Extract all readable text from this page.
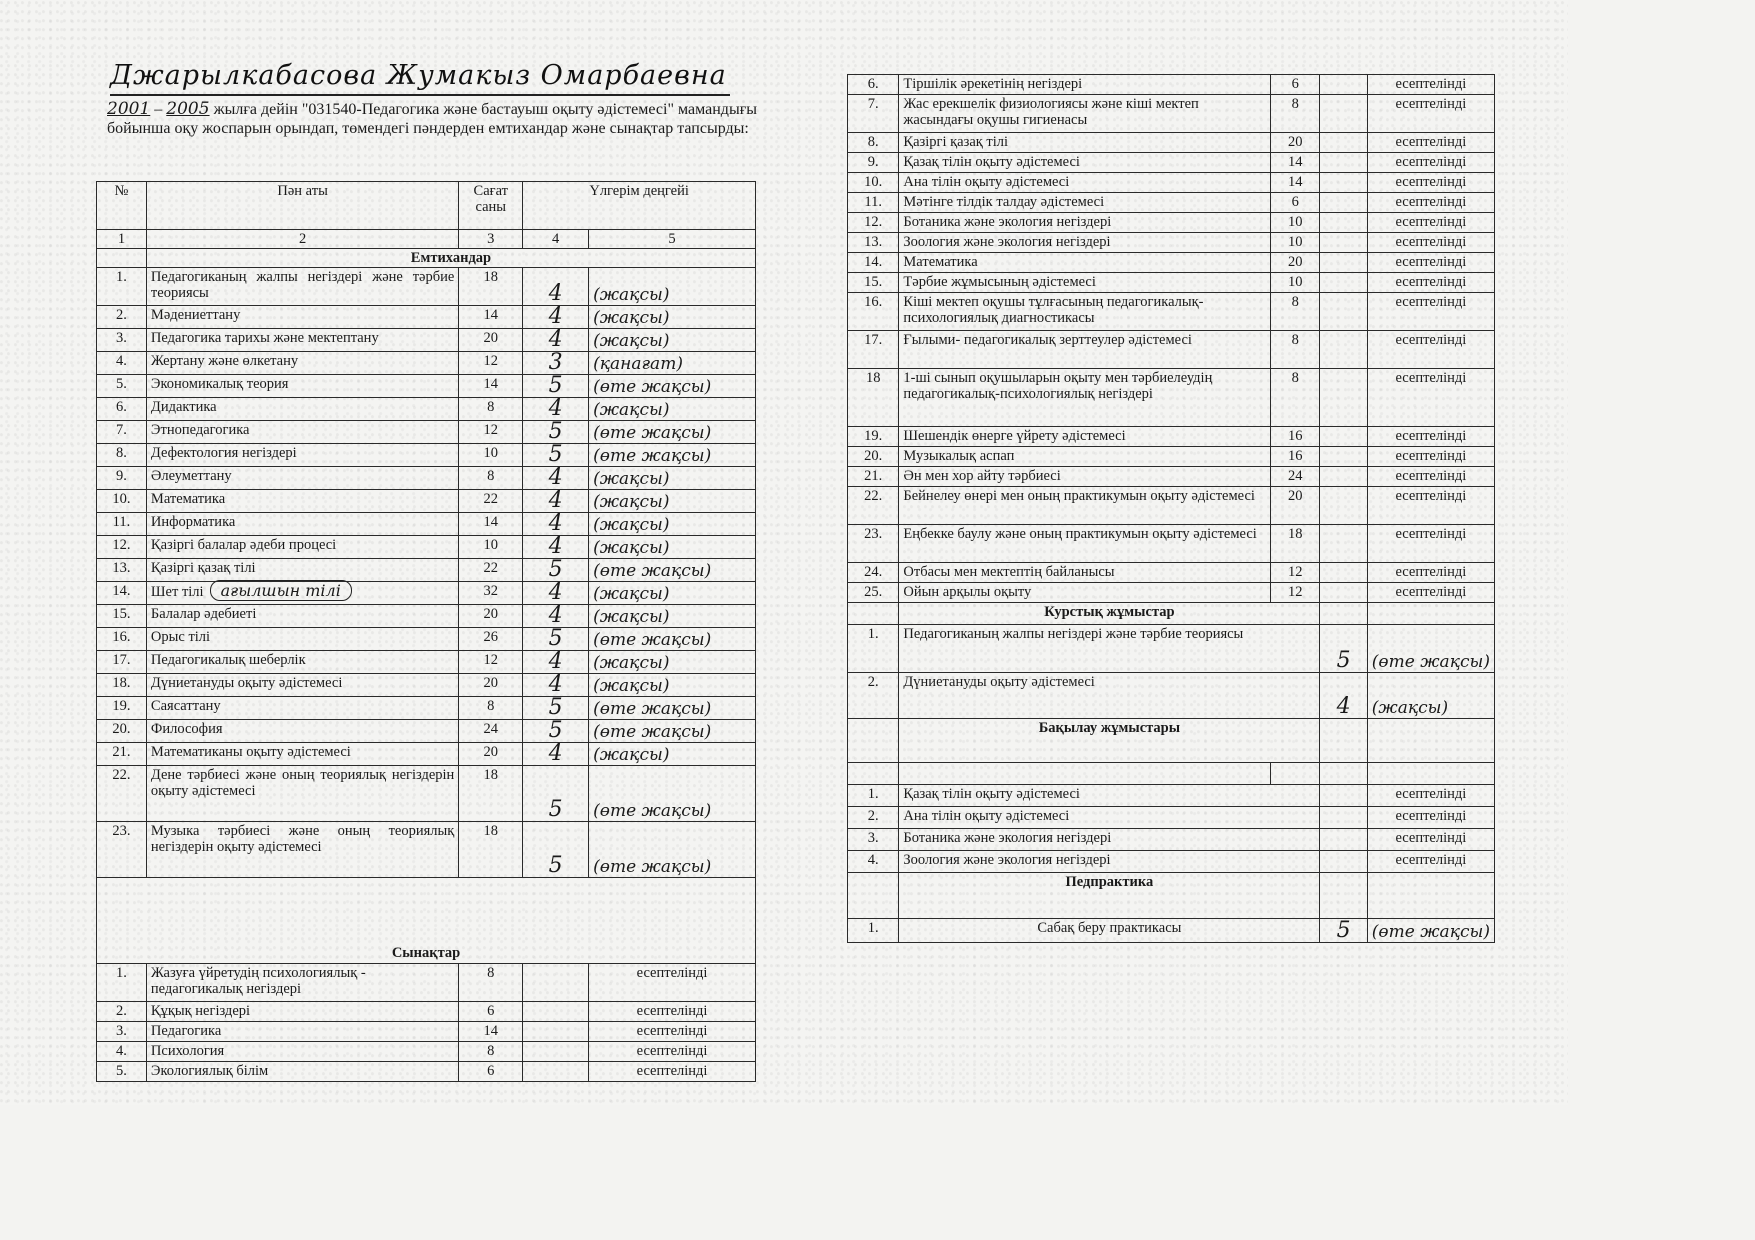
Джарылкабасова Жумакыз Омарбаевна
2001 – 2005 жылға дейін "031540-Педагогика және бастауыш оқыту әдістемесі" мамандығы бойынша оқу жоспарын орындап, төмендегі пәндерден емтихандар және сынақтар тапсырды:
№	Пән аты	Сағат саны	Үлгерім деңгейі	
1	2	3	4	5
	Емтихандар			
1.	Педагогиканың жалпы негіздері және тәрбие теориясы	18	4	(жақсы)
2.	Мәдениеттану	14	4	(жақсы)
3.	Педагогика тарихы және мектептану	20	4	(жақсы)
4.	Жертану және өлкетану	12	3	(қанағат)
5.	Экономикалық теория	14	5	(өте жақсы)
6.	Дидактика	8	4	(жақсы)
7.	Этнопедагогика	12	5	(өте жақсы)
8.	Дефектология негіздері	10	5	(өте жақсы)
9.	Әлеуметтану	8	4	(жақсы)
10.	Математика	22	4	(жақсы)
11.	Информатика	14	4	(жақсы)
12.	Қазіргі балалар әдеби процесі	10	4	(жақсы)
13.	Қазіргі қазақ тілі	22	5	(өте жақсы)
14.	Шет тілі ағылшын тілі	32	4	(жақсы)
15.	Балалар әдебиеті	20	4	(жақсы)
16.	Орыс тілі	26	5	(өте жақсы)
17.	Педагогикалық шеберлік	12	4	(жақсы)
18.	Дүниетануды оқыту әдістемесі	20	4	(жақсы)
19.	Саясаттану	8	5	(өте жақсы)
20.	Философия	24	5	(өте жақсы)
21.	Математиканы оқыту әдістемесі	20	4	(жақсы)
22.	Дене тәрбиесі және оның теориялық негіздерін оқыту әдістемесі	18	5	(өте жақсы)
23.	Музыка тәрбиесі және оның теориялық негіздерін оқыту әдістемесі	18	5	(өте жақсы)

Сынақтар				
1.	Жазуға үйретудің психологиялық - педагогикалық негіздері	8		есептелінді
2.	Құқық негіздері	6		есептелінді
3.	Педагогика	14		есептелінді
4.	Психология	8		есептелінді
5.	Экологиялық білім	6		есептелінді
6.	Тіршілік әрекетінің негіздері	6		есептелінді
7.	Жас ерекшелік физиологиясы және кіші мектеп жасындағы оқушы гигиенасы	8		есептелінді
8.	Қазіргі қазақ тілі	20		есептелінді
9.	Қазақ тілін оқыту әдістемесі	14		есептелінді
10.	Ана тілін оқыту әдістемесі	14		есептелінді
11.	Мәтінге тілдік талдау әдістемесі	6		есептелінді
12.	Ботаника және экология негіздері	10		есептелінді
13.	Зоология және экология негіздері	10		есептелінді
14.	Математика	20		есептелінді
15.	Тәрбие жұмысының әдістемесі	10		есептелінді
16.	Кіші мектеп оқушы тұлғасының педагогикалық-психологиялық диагностикасы	8		есептелінді
17.	Ғылыми- педагогикалық зерттеулер әдістемесі	8		есептелінді
18	1-ші сынып оқушыларын оқыту мен тәрбиелеудің педагогикалық-психологиялық негіздері	8		есептелінді
19.	Шешендік өнерге үйрету әдістемесі	16		есептелінді
20.	Музыкалық аспап	16		есептелінді
21.	Ән мен хор айту тәрбиесі	24		есептелінді
22.	Бейнелеу өнері мен оның практикумын оқыту әдістемесі	20		есептелінді
23.	Еңбекке баулу және оның практикумын оқыту әдістемесі	18		есептелінді
24.	Отбасы мен мектептің байланысы	12		есептелінді
25.	Ойын арқылы оқыту	12		есептелінді
	Курстық жұмыстар			
1.	Педагогиканың жалпы негіздері және тәрбие теориясы		5	(өте жақсы)
2.	Дүниетануды оқыту әдістемесі		4	(жақсы)
	Бақылау жұмыстары			

1.	Қазақ тілін оқыту әдістемесі			есептелінді
2.	Ана тілін оқыту әдістемесі			есептелінді
3.	Ботаника және экология негіздері			есептелінді
4.	Зоология және экология негіздері			есептелінді
	Педпрактика			
1.	Сабақ беру практикасы		5	(өте жақсы)
